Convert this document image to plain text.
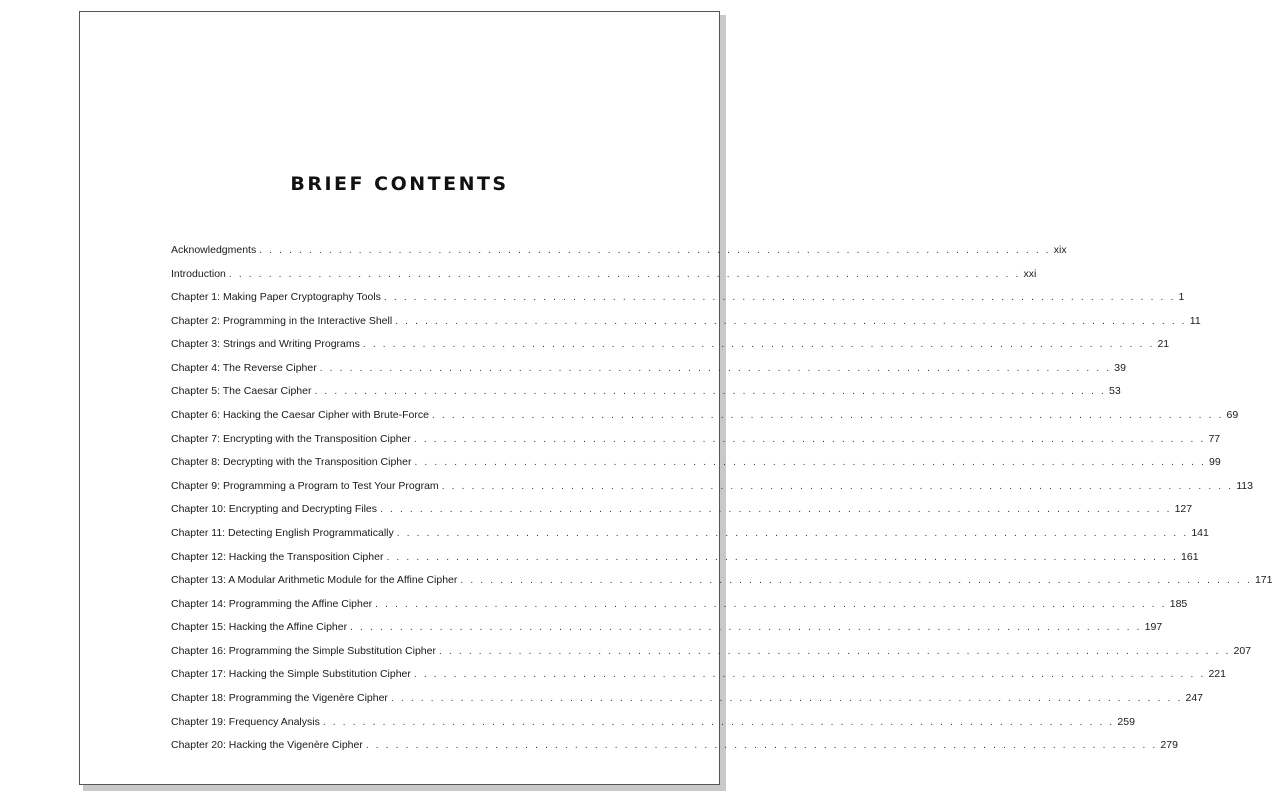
BRIEF CONTENTS
Acknowledgments . . . . . . . . . . . . . . . . . . . . . . . . . . . . . . . . . . . . . . . . . . . . . . . . . . . . . . . . . . . . . . . . . . . . . . . . . . . . . . . . xix
Introduction . . . . . . . . . . . . . . . . . . . . . . . . . . . . . . . . . . . . . . . . . . . . . . . . . . . . . . . . . . . . . . . . . . . . . . . . . . . . . . . . xxi
Chapter 1: Making Paper Cryptography Tools . . . . . . . . . . . . . . . . . . . . . . . . . . . . . . . . . . . . . . . . . . . . . . . . . . . . . . . . . . . . . . . . . . . . . . . . . . . . . . . . 1
Chapter 2: Programming in the Interactive Shell . . . . . . . . . . . . . . . . . . . . . . . . . . . . . . . . . . . . . . . . . . . . . . . . . . . . . . . . . . . . . . . . . . . . . . . . . . . . . . . . 11
Chapter 3: Strings and Writing Programs . . . . . . . . . . . . . . . . . . . . . . . . . . . . . . . . . . . . . . . . . . . . . . . . . . . . . . . . . . . . . . . . . . . . . . . . . . . . . . . . 21
Chapter 4: The Reverse Cipher . . . . . . . . . . . . . . . . . . . . . . . . . . . . . . . . . . . . . . . . . . . . . . . . . . . . . . . . . . . . . . . . . . . . . . . . . . . . . . . . 39
Chapter 5: The Caesar Cipher . . . . . . . . . . . . . . . . . . . . . . . . . . . . . . . . . . . . . . . . . . . . . . . . . . . . . . . . . . . . . . . . . . . . . . . . . . . . . . . . 53
Chapter 6: Hacking the Caesar Cipher with Brute-Force . . . . . . . . . . . . . . . . . . . . . . . . . . . . . . . . . . . . . . . . . . . . . . . . . . . . . . . . . . . . . . . . . . . . . . . . . . . . . . . . 69
Chapter 7: Encrypting with the Transposition Cipher . . . . . . . . . . . . . . . . . . . . . . . . . . . . . . . . . . . . . . . . . . . . . . . . . . . . . . . . . . . . . . . . . . . . . . . . . . . . . . . . 77
Chapter 8: Decrypting with the Transposition Cipher . . . . . . . . . . . . . . . . . . . . . . . . . . . . . . . . . . . . . . . . . . . . . . . . . . . . . . . . . . . . . . . . . . . . . . . . . . . . . . . . 99
Chapter 9: Programming a Program to Test Your Program . . . . . . . . . . . . . . . . . . . . . . . . . . . . . . . . . . . . . . . . . . . . . . . . . . . . . . . . . . . . . . . . . . . . . . . . . . . . . . . . 113
Chapter 10: Encrypting and Decrypting Files . . . . . . . . . . . . . . . . . . . . . . . . . . . . . . . . . . . . . . . . . . . . . . . . . . . . . . . . . . . . . . . . . . . . . . . . . . . . . . . . 127
Chapter 11: Detecting English Programmatically . . . . . . . . . . . . . . . . . . . . . . . . . . . . . . . . . . . . . . . . . . . . . . . . . . . . . . . . . . . . . . . . . . . . . . . . . . . . . . . . 141
Chapter 12: Hacking the Transposition Cipher . . . . . . . . . . . . . . . . . . . . . . . . . . . . . . . . . . . . . . . . . . . . . . . . . . . . . . . . . . . . . . . . . . . . . . . . . . . . . . . . 161
Chapter 13: A Modular Arithmetic Module for the Affine Cipher . . . . . . . . . . . . . . . . . . . . . . . . . . . . . . . . . . . . . . . . . . . . . . . . . . . . . . . . . . . . . . . . . . . . . . . . . . . . . . . . 171
Chapter 14: Programming the Affine Cipher . . . . . . . . . . . . . . . . . . . . . . . . . . . . . . . . . . . . . . . . . . . . . . . . . . . . . . . . . . . . . . . . . . . . . . . . . . . . . . . . 185
Chapter 15: Hacking the Affine Cipher . . . . . . . . . . . . . . . . . . . . . . . . . . . . . . . . . . . . . . . . . . . . . . . . . . . . . . . . . . . . . . . . . . . . . . . . . . . . . . . . 197
Chapter 16: Programming the Simple Substitution Cipher . . . . . . . . . . . . . . . . . . . . . . . . . . . . . . . . . . . . . . . . . . . . . . . . . . . . . . . . . . . . . . . . . . . . . . . . . . . . . . . . 207
Chapter 17: Hacking the Simple Substitution Cipher . . . . . . . . . . . . . . . . . . . . . . . . . . . . . . . . . . . . . . . . . . . . . . . . . . . . . . . . . . . . . . . . . . . . . . . . . . . . . . . . 221
Chapter 18: Programming the Vigenère Cipher . . . . . . . . . . . . . . . . . . . . . . . . . . . . . . . . . . . . . . . . . . . . . . . . . . . . . . . . . . . . . . . . . . . . . . . . . . . . . . . . 247
Chapter 19: Frequency Analysis . . . . . . . . . . . . . . . . . . . . . . . . . . . . . . . . . . . . . . . . . . . . . . . . . . . . . . . . . . . . . . . . . . . . . . . . . . . . . . . . 259
Chapter 20: Hacking the Vigenère Cipher . . . . . . . . . . . . . . . . . . . . . . . . . . . . . . . . . . . . . . . . . . . . . . . . . . . . . . . . . . . . . . . . . . . . . . . . . . . . . . . . 279
